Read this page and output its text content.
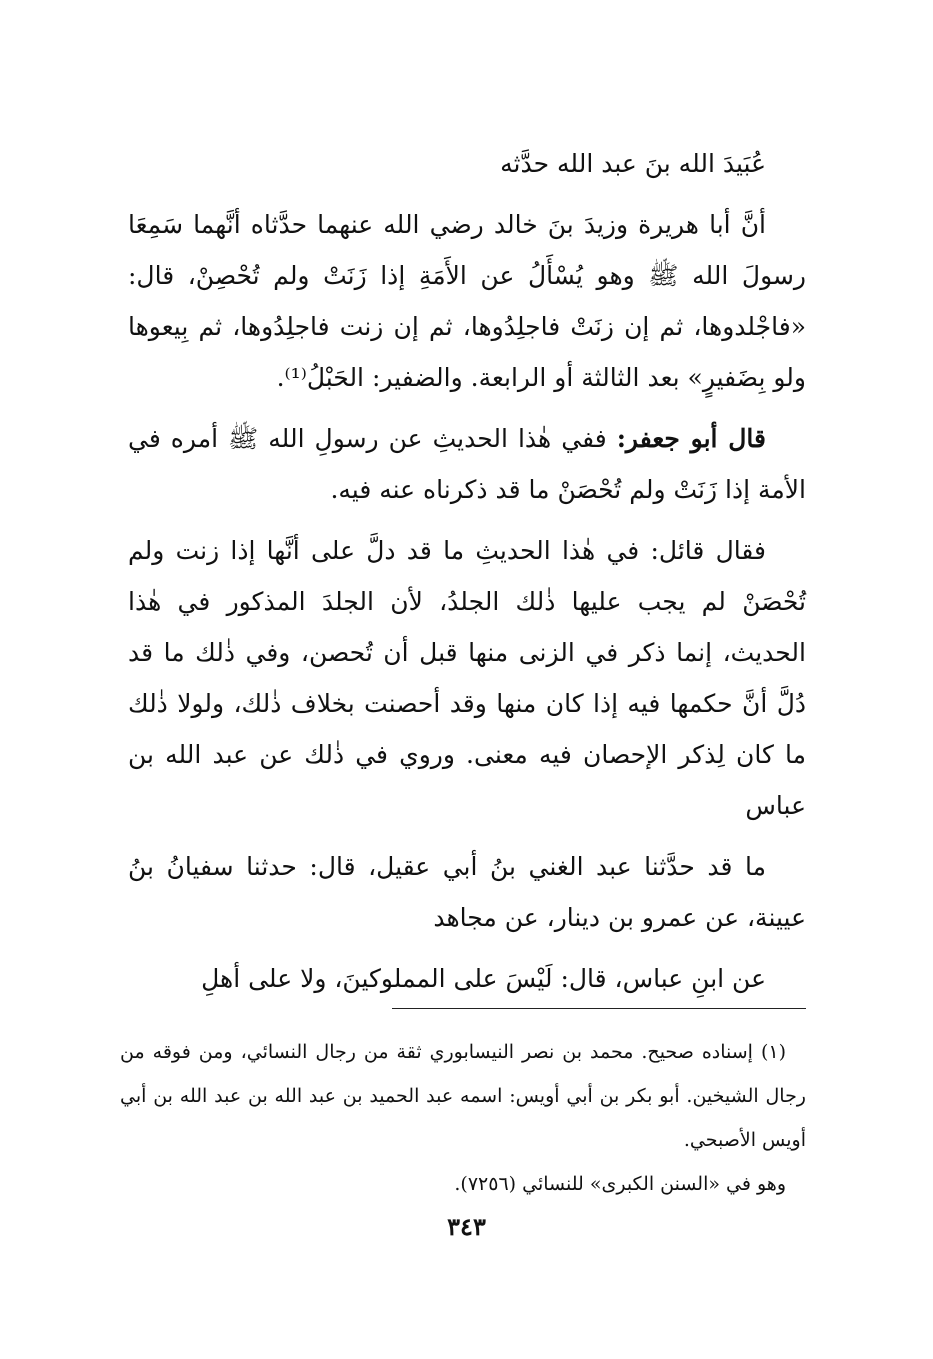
عُبَيدَ الله بنَ عبد الله حدَّثه

أنَّ أبا هريرة وزيدَ بنَ خالد رضي الله عنهما حدَّثاه أنَّهما سَمِعَا رسولَ الله ﷺ وهو يُسْأَلُ عن الأَمَةِ إذا زَنَتْ ولم تُحْصِنْ، قال: «فاجْلدوها، ثم إن زنَتْ فاجلِدُوها، ثم إن زنت فاجلِدُوها، ثم بِيعوها ولو بِضَفيرٍ» بعد الثالثة أو الرابعة. والضفير: الحَبْلُ⁽¹⁾.

قال أبو جعفر: ففي هٰذا الحديثِ عن رسولِ الله ﷺ أمره في الأمة إذا زَنَتْ ولم تُحْصَنْ ما قد ذكرناه عنه فيه.

فقال قائل: في هٰذا الحديثِ ما قد دلَّ على أنَّها إذا زنت ولم تُحْصَنْ لم يجب عليها ذٰلك الجلدُ، لأن الجلدَ المذكور في هٰذا الحديث، إنما ذكر في الزنى منها قبل أن تُحصن، وفي ذٰلك ما قد دُلَّ أنَّ حكمها فيه إذا كان منها وقد أحصنت بخلاف ذٰلك، ولولا ذٰلك ما كان لِذكر الإحصان فيه معنى. وروي في ذٰلك عن عبد الله بن عباس

ما قد حدَّثنا عبد الغني بنُ أبي عقيل، قال: حدثنا سفيانُ بنُ عيينة، عن عمرو بن دينار، عن مجاهد

عن ابنِ عباس، قال: لَيْسَ على المملوكينَ، ولا على أهلِ

(١) إسناده صحيح. محمد بن نصر النيسابوري ثقة من رجال النسائي، ومن فوقه من رجال الشيخين. أبو بكر بن أبي أويس: اسمه عبد الحميد بن عبد الله بن عبد الله بن أبي أويس الأصبحي.

وهو في «السنن الكبرى» للنسائي (٧٢٥٦).

٣٤٣
